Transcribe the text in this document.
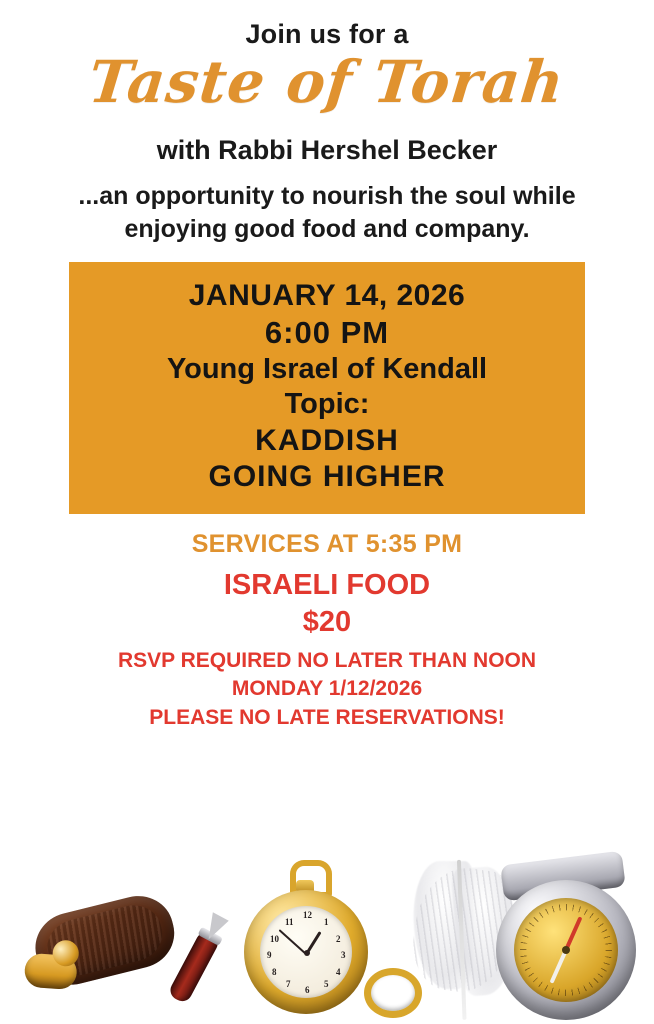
Join us for a
Taste of Torah
with Rabbi Hershel Becker
...an opportunity to nourish the soul while enjoying good food and company.
JANUARY 14, 2026
6:00 PM
Young Israel of Kendall
Topic:
KADDISH
GOING HIGHER
SERVICES AT 5:35 PM
ISRAELI FOOD
$20
RSVP REQUIRED NO LATER THAN NOON
MONDAY 1/12/2026
PLEASE NO LATE RESERVATIONS!
12
1
2
3
4
5
6
7
8
9
10
11
